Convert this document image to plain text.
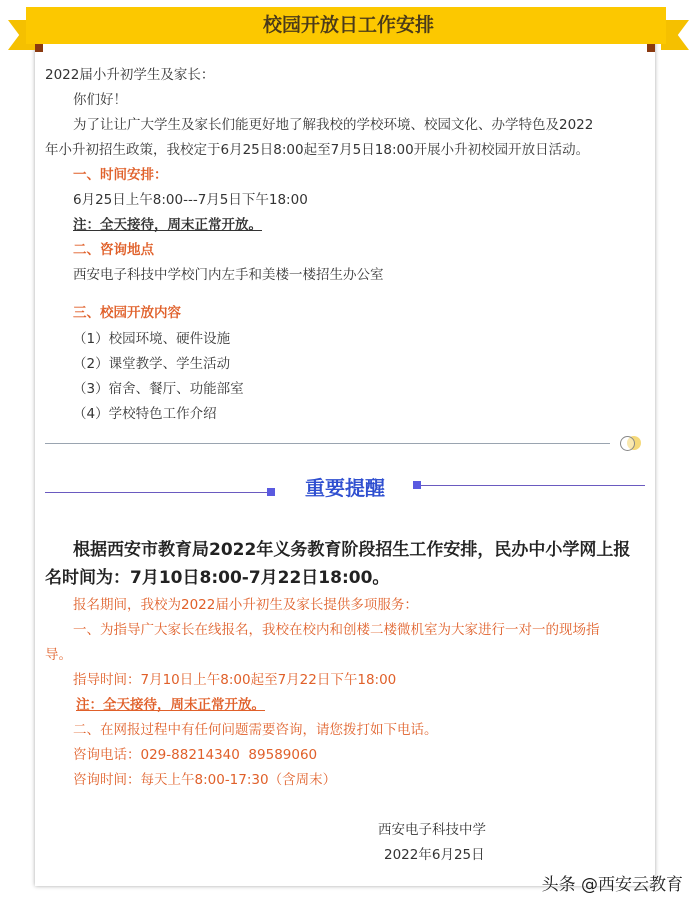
校园开放日工作安排
2022届小升初学生及家长：
你们好！
为了让让广大学生及家长们能更好地了解我校的学校环境、校园文化、办学特色及2022
年小升初招生政策，我校定于6月25日8:00起至7月5日18:00开展小升初校园开放日活动。
一、时间安排：
6月25日上午8:00---7月5日下午18:00
注：全天接待，周末正常开放。
二、咨询地点
西安电子科技中学校门内左手和美楼一楼招生办公室
三、校园开放内容
（1）校园环境、硬件设施
（2）课堂教学、学生活动
（3）宿舍、餐厅、功能部室
（4）学校特色工作介绍
重要提醒
根据西安市教育局2022年义务教育阶段招生工作安排，民办中小学网上报
名时间为：7月10日8:00-7月22日18:00。
报名期间，我校为2022届小升初生及家长提供多项服务：
一、为指导广大家长在线报名，我校在校内和创楼二楼微机室为大家进行一对一的现场指
导。
指导时间：7月10日上午8:00起至7月22日下午18:00
注：全天接待，周末正常开放。
二、在网报过程中有任何问题需要咨询，请您拨打如下电话。
咨询电话：029-88214340  89589060
咨询时间：每天上午8:00-17:30（含周末）
西安电子科技中学
2022年6月25日
头条 @西安云教育
